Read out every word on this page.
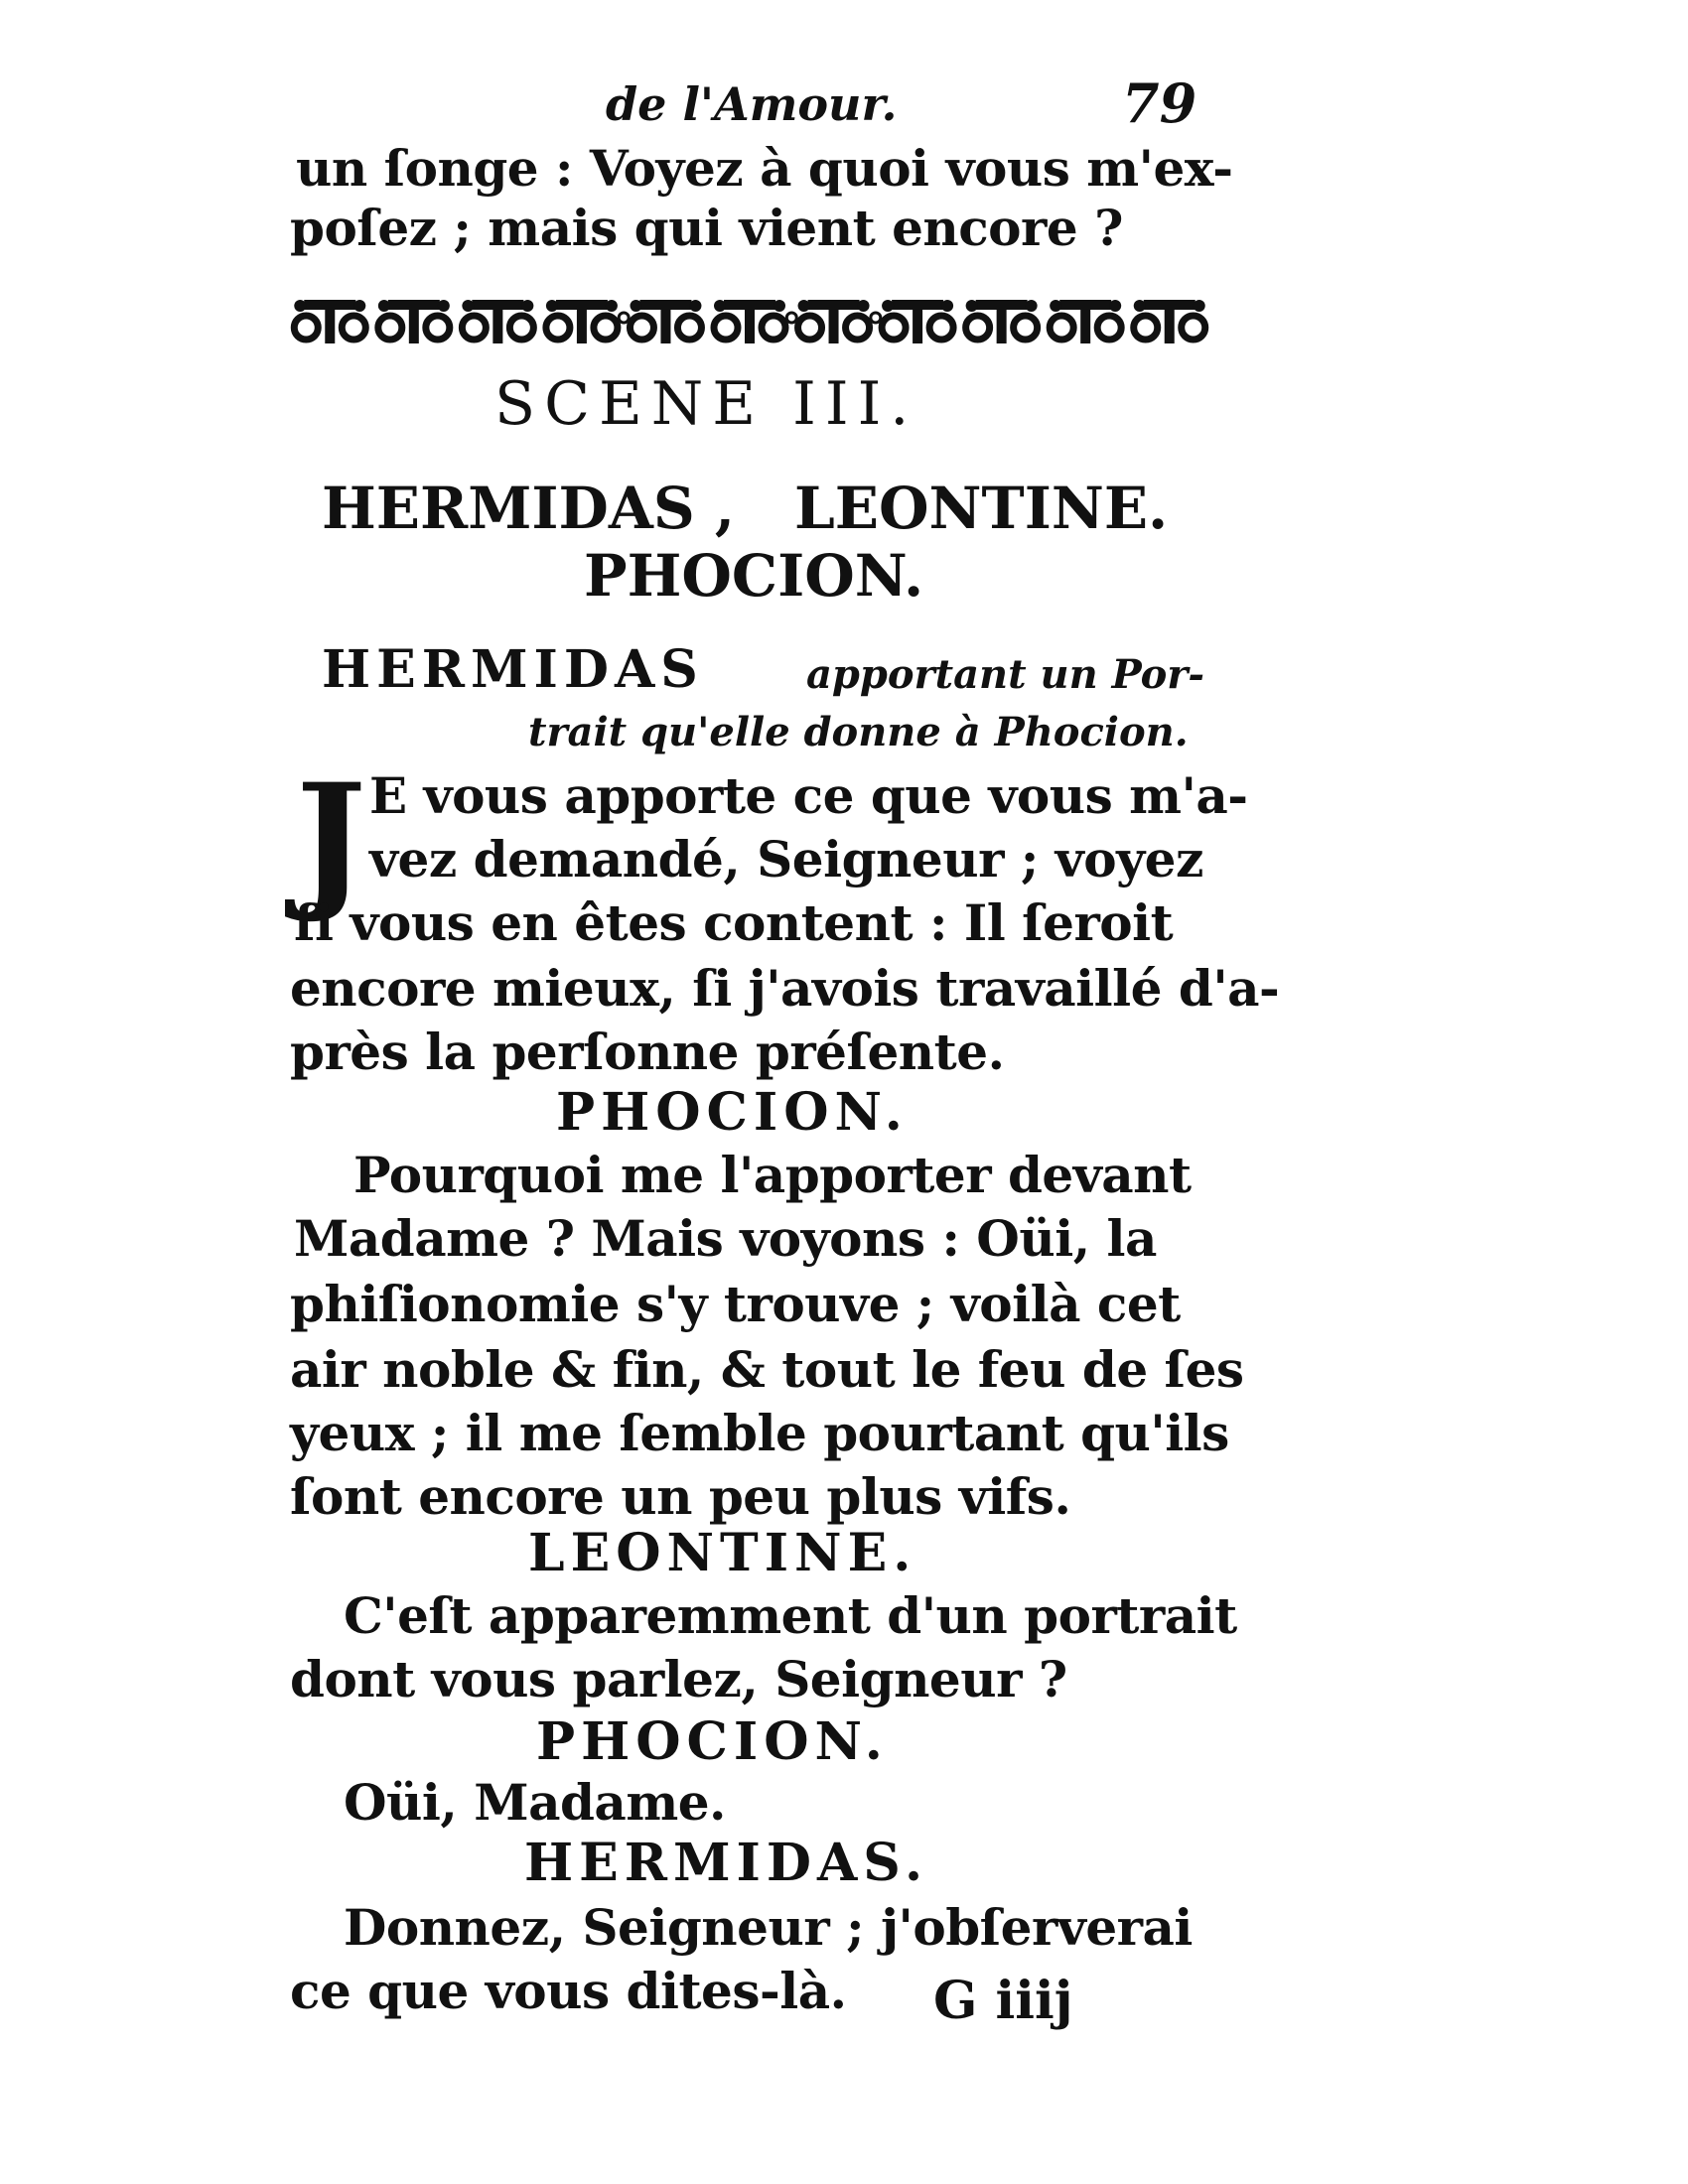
de l'Amour.	79
un ſonge : Voyez à quoi vous m'ex-
poſez ; mais qui vient encore ?
SCENE III.
HERMIDAS , LEONTINE.
PHOCION.
HERMIDAS	apportant un Por-
trait qu'elle donne à Phocion.
J E vous apporte ce que vous m'a-
vez demandé, Seigneur ; voyez
ſi vous en êtes content : Il ſeroit
encore mieux, ſi j'avois travaillé d'a-
près la perſonne préſente.
PHOCION.
Pourquoi me l'apporter devant
Madame ? Mais voyons : Oüi, la
phiſionomie s'y trouve ; voilà cet
air noble & fin, & tout le feu de ſes
yeux ; il me ſemble pourtant qu'ils
ſont encore un peu plus vifs.
LEONTINE.
C'eſt apparemment d'un portrait
dont vous parlez, Seigneur ?
PHOCION.
Oüi, Madame.
HERMIDAS.
Donnez, Seigneur ; j'obſerverai
ce que vous dites-là. G iiij
